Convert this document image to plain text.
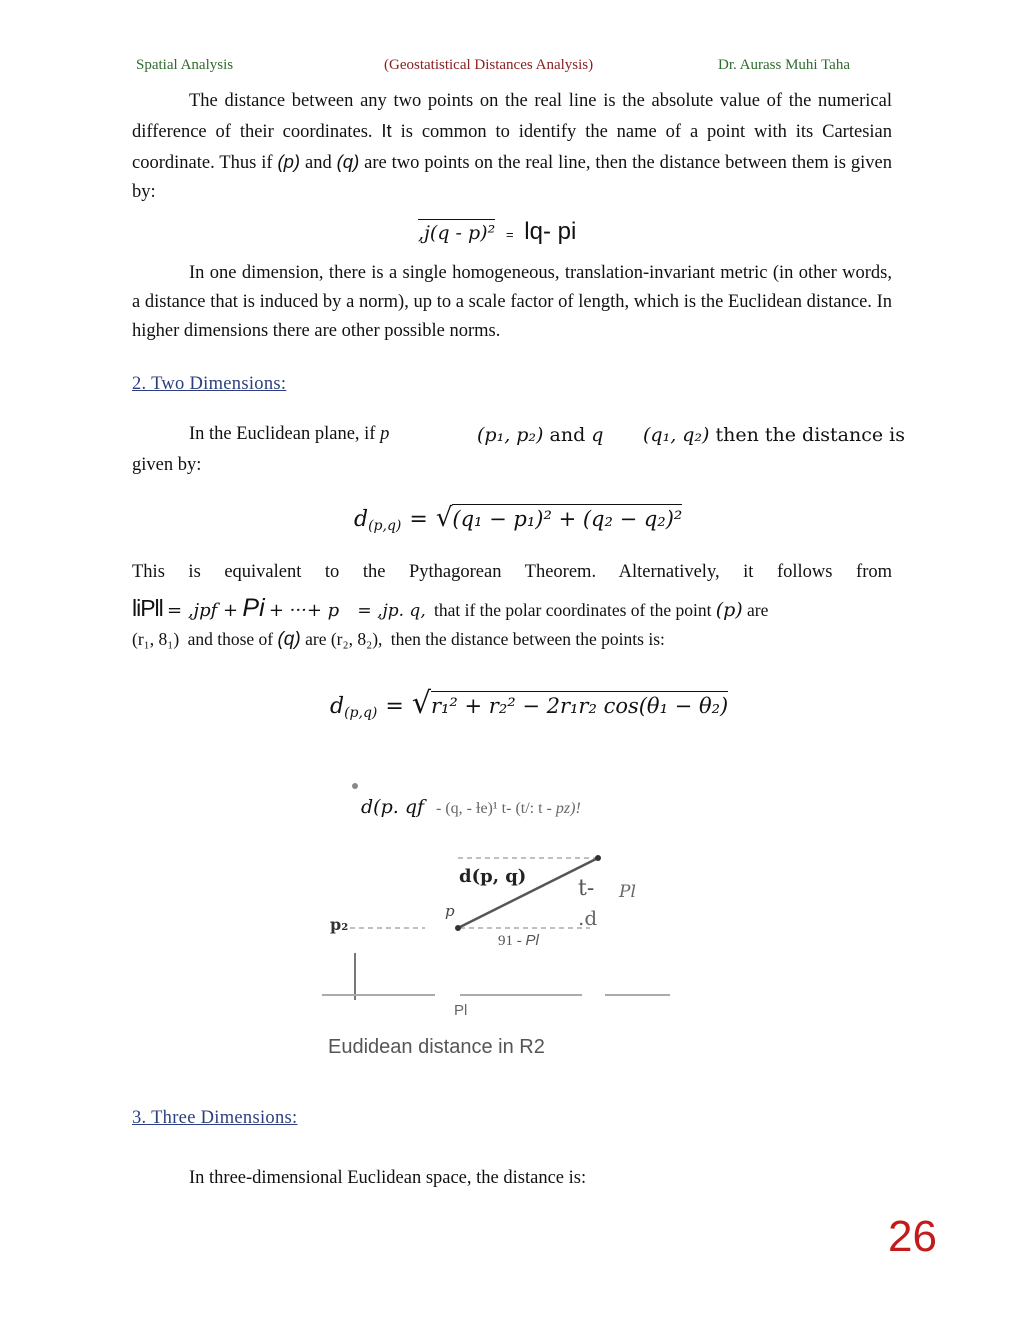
Spatial Analysis	(Geostatistical Distances Analysis)	Dr. Aurass Muhi Taha
The distance between any two points on the real line is the absolute value of the numerical difference of their coordinates. It is common to identify the name of a point with its Cartesian coordinate. Thus if (p) and (q) are two points on the real line, then the distance between them is given by:
,j(q - p)² = lq- pi
In one dimension, there is a single homogeneous, translation-invariant metric (in other words, a distance that is induced by a norm), up to a scale factor of length, which is the Euclidean distance. In higher dimensions there are other possible norms.
2. Two Dimensions:
In the Euclidean plane, if p	(p₁, p₂) and q (q₁, q₂) then the distance is
given by:
$d_{(p,q)} = √(q_1 - p_1)^2 + (q_2 - q_2)^2$
This is equivalent to the Pythagorean Theorem. Alternatively, it follows from
liPll = ,jpf + Pi + ···+ p = ,jp. q, that if the polar coordinates of the point (p) are
(r₁, 8₁) and those of (q) are (r₂, 8₂), then the distance between the points is:
$d_{(p,q)} = √r_1^2 + r_2^2 - 2r_1r_2$ cos(θ₁ − θ₂)
d(p. qf - (q, - ɫe)¹ t- (t/: t - pz)!
d(p, q)
p
p₂
t- Pl
.d
91 - Pl
Pl
Eudidean distance in R2
3. Three Dimensions:
In three-dimensional Euclidean space, the distance is:
26
